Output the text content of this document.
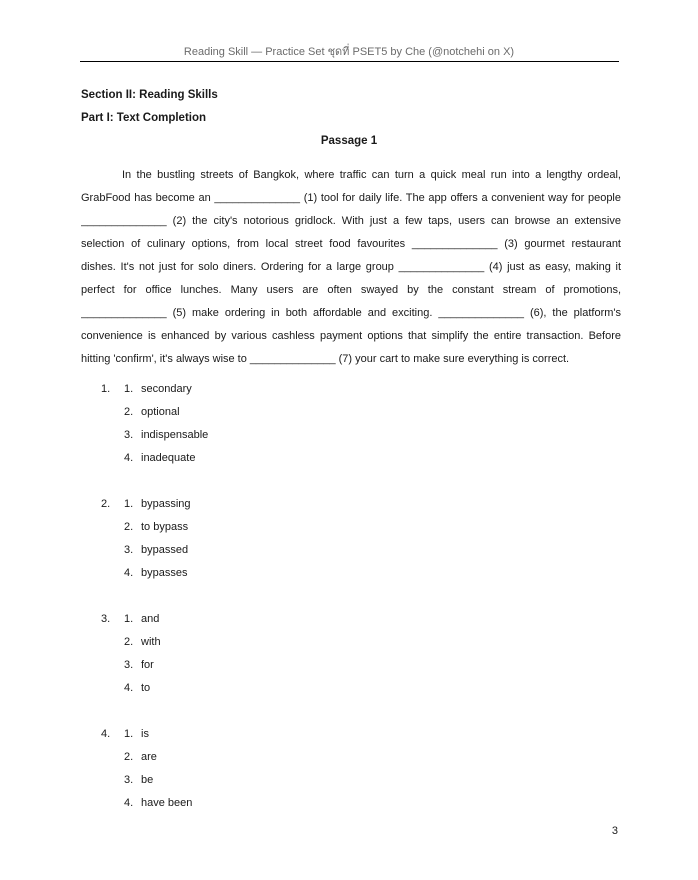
Reading Skill — Practice Set ชุดที่ PSET5 by Che (@notchehi on X)
Section II: Reading Skills
Part I: Text Completion
Passage 1
In the bustling streets of Bangkok, where traffic can turn a quick meal run into a lengthy ordeal,
GrabFood has become an ______________ (1) tool for daily life. The app offers a convenient way for people
______________ (2) the city's notorious gridlock. With just a few taps, users can browse an extensive
selection of culinary options, from local street food favourites ______________ (3) gourmet restaurant
dishes. It's not just for solo diners. Ordering for a large group ______________ (4) just as easy, making it
perfect for office lunches. Many users are often swayed by the constant stream of promotions,
______________ (5) make ordering in both affordable and exciting. ______________ (6), the platform's
convenience is enhanced by various cashless payment options that simplify the entire transaction. Before
hitting 'confirm', it's always wise to ______________ (7) your cart to make sure everything is correct.
1.	1. secondary
2. optional
3. indispensable
4. inadequate
2.	1. bypassing
2. to bypass
3. bypassed
4. bypasses
3.	1. and
2. with
3. for
4. to
4.	1. is
2. are
3. be
4. have been
3
